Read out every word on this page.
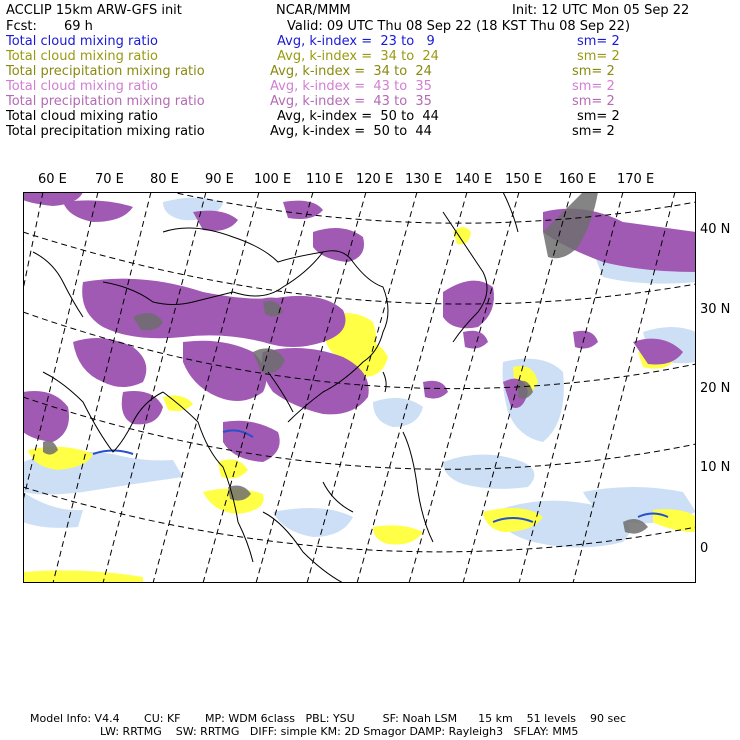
ACCLIP 15km ARW-GFS init	NCAR/MMM	Init: 12 UTC Mon 05 Sep 22
Fcst: 69 h	Valid: 09 UTC Thu 08 Sep 22 (18 KST Thu 08 Sep 22)
Total cloud mixing ratio	Avg, k-index =  23 to   9	sm= 2
Total cloud mixing ratio	Avg, k-index =  34 to  24	sm= 2
Total precipitation mixing ratio	Avg, k-index =  34 to  24	sm= 2
Total cloud mixing ratio	Avg, k-index =  43 to  35	sm= 2
Total precipitation mixing ratio	Avg, k-index =  43 to  35	sm= 2
Total cloud mixing ratio	Avg, k-index =  50 to  44	sm= 2
Total precipitation mixing ratio	Avg, k-index =  50 to  44	sm= 2
60 E 70 E 80 E 90 E 100 E 110 E 120 E 130 E 140 E 150 E 160 E 170 E
40 N
30 N
20 N
10 N
0
Model Info: V4.4       CU: KF       MP: WDM 6class   PBL: YSU        SF: Noah LSM      15 km    51 levels    90 sec
LW: RRTMG    SW: RRTMG   DIFF: simple KM: 2D Smagor DAMP: Rayleigh3   SFLAY: MM5
